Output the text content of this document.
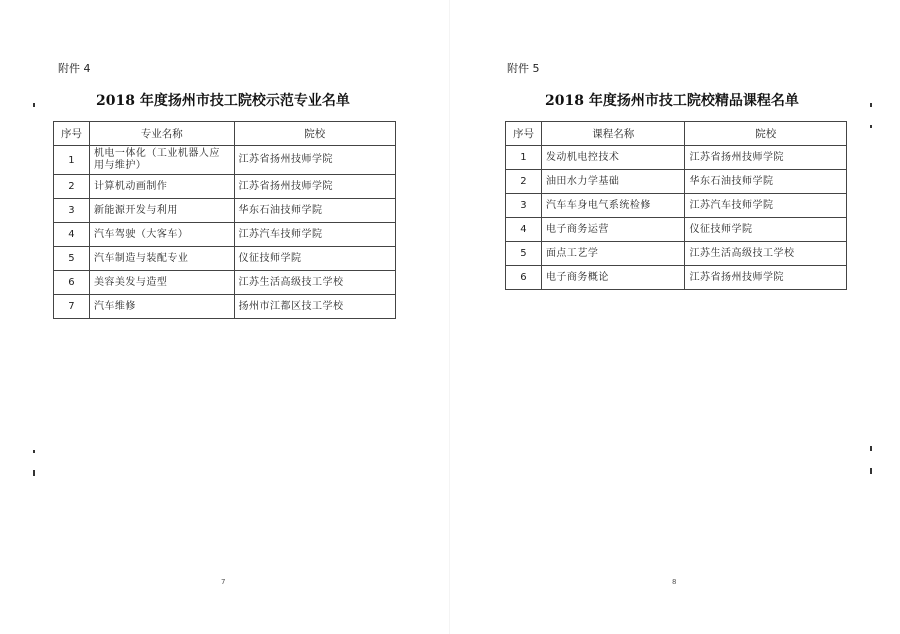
附件 4
2018 年度扬州市技工院校示范专业名单
序号	专业名称	院校
1	机电一体化（工业机器人应用与维护）	江苏省扬州技师学院
2	计算机动画制作	江苏省扬州技师学院
3	新能源开发与利用	华东石油技师学院
4	汽车驾驶（大客车）	江苏汽车技师学院
5	汽车制造与装配专业	仪征技师学院
6	美容美发与造型	江苏生活高级技工学校
7	汽车维修	扬州市江都区技工学校
7
附件 5
2018 年度扬州市技工院校精品课程名单
序号	课程名称	院校
1	发动机电控技术	江苏省扬州技师学院
2	油田水力学基础	华东石油技师学院
3	汽车车身电气系统检修	江苏汽车技师学院
4	电子商务运营	仪征技师学院
5	面点工艺学	江苏生活高级技工学校
6	电子商务概论	江苏省扬州技师学院
8
